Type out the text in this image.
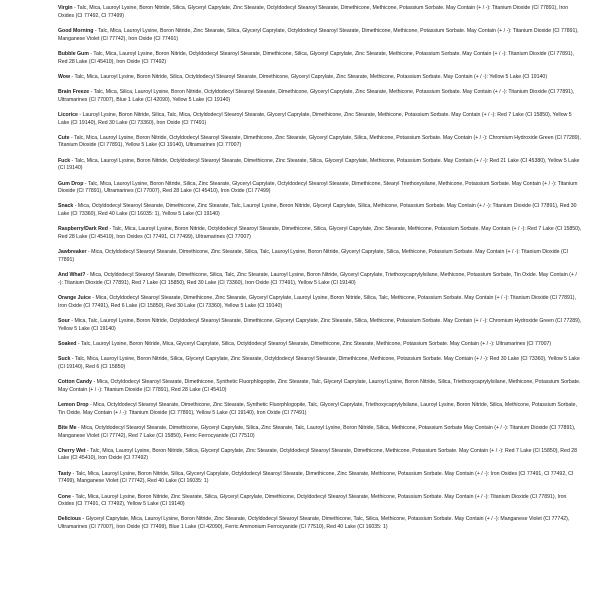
Virgin - Talc, Mica, Lauroyl Lysine, Boron Nitride, Silica, Glyceryl Caprylate, Zinc Stearate, Octyldodecyl Stearoyl Stearate, Dimethicone, Methicone, Potassium Sorbate. May Contain (+ / -): Titanium Dioxide (CI 77891), Iron Oxides (CI 77492, CI 77499)

Good Morning - Talc, Mica, Lauroyl Lysine, Boron Nitride, Zinc Stearate, Silica, Glyceryl Caprylate, Octyldodecyl Stearoyl Stearate, Dimethicone, Methicone, Potassium Sorbate. May Contain (+ / -): Titanium Dioxide (CI 77891), Manganese Violet (CI 77742), Iron Oxide (CI 77491)

Bubble Gum - Talc, Mica, Lauroyl Lysine, Boron Nitride, Octyldodecyl Stearoyl Stearate, Dimethicone, Silica, Glyceryl Caprylate, Zinc Stearate, Methicone, Potassium Sorbate. May Contain (+ / -): Titanium Dioxide (CI 77891), Red 28 Lake (CI 45410), Iron Oxide (CI 77492)

Wow - Talc, Mica, Lauroyl Lysine, Boron Nitride, Silica, Octyldodecyl Stearoyl Stearate, Dimethicone, Glyceryl Caprylate, Zinc Stearate, Methicone, Potassium Sorbate. May Contain (+ / -): Yellow 5 Lake (CI 19140)

Brain Freeze - Talc, Mica, Silica, Lauroyl Lysine, Boron Nitride, Octyldodecyl Stearoyl Stearate, Dimethicone, Glyceryl Caprylate, Zinc Stearate, Methicone, Potassium Sorbate. May Contain (+ / -): Titanium Dioxide (CI 77891), Ultramarines (CI 77007), Blue 1 Lake (CI 42090), Yellow 5 Lake (CI 19140)

Licorice - Lauroyl Lysine, Boron Nitride, Silica, Talc, Mica, Octyldodecyl Stearoyl Stearate, Glyceryl Caprylate, Dimethicone, Zinc Stearate, Methicone, Potassium Sorbate. May Contain (+ / -): Red 7 Lake (CI 15850), Yellow 5 Lake (CI 19140), Red 30 Lake (CI 73360), Iron Oxide (CI 77491)

Cute - Talc, Mica, Lauroyl Lysine, Boron Nitride, Octyldodecyl Stearoyl Stearate, Dimethicone, Zinc Stearate, Glyceryl Caprylate, Silica, Methicone, Potassium Sorbate. May Contain (+ / -): Chromium Hydroxide Green (CI 77289), Titanium Dioxide (CI 77891), Yellow 5 Lake (CI 19140), Ultramarines (CI 77007)

Fuck - Talc, Mica, Lauroyl Lysine, Boron Nitride, Octyldodecyl Stearoyl Stearate, Dimethicone, Zinc Stearate, Silica, Glyceryl Caprylate, Methicone, Potassium Sorbate. May Contain (+ / -): Red 21 Lake (CI 45380), Yellow 5 Lake (CI 19140)

Gum Drop - Talc, Mica, Lauroyl Lysine, Boron Nitride, Silica, Zinc Stearate, Glyceryl Caprylate, Octyldodecyl Stearoyl Stearate, Dimethicone, Stearyl Triethoxysilane, Methicone, Potassium Sorbate. May Contain (+ / -): Titanium Dioxide (CI 77891), Ultramarines (CI 77007), Red 28 Lake (CI 45410), Iron Oxide (CI 77499)

Snack - Mica, Octyldodecyl Stearoyl Stearate, Dimethicone, Zinc Stearate, Talc, Lauroyl Lysine, Boron Nitride, Glyceryl Caprylate, Silica, Methicone, Potassium Sorbate. May Contain (+ / -): Titanium Dioxide (CI 77891), Red 30 Lake (CI 73360), Red 40 Lake (CI 16035: 1), Yellow 5 Lake (CI 19140)

Raspberry/Dark Red - Talc, Mica, Lauroyl Lysine, Boron Nitride, Octyldodecyl Stearoyl Stearate, Dimethicone, Silica, Glyceryl Caprylate, Zinc Stearate, Methicone, Potassium Sorbate. May Contain (+ / -): Red 7 Lake (CI 15850), Red 28 Lake (CI 45410), Iron Oxides (CI 77491, CI 77499), Ultramarines (CI 77007)

Jawbreaker - Mica, Octyldodecyl Stearoyl Stearate, Dimethicone, Zinc Stearate, Silica, Talc, Lauroyl Lysine, Boron Nitride, Glyceryl Caprylate, Silica, Methicone, Potassium Sorbate. May Contain (+ / -): Titanium Dioxide (CI 77891)

And What? - Mica, Octyldodecyl Stearoyl Stearate, Dimethicone, Silica, Talc, Zinc Stearate, Lauroyl Lysine, Boron Nitride, Glyceryl Caprylate, Triethoxycaprylylsilane, Methicone, Potassium Sorbate, Tin Oxide. May Contain (+ / -): Titanium Dioxide (CI 77891), Red 7 Lake (CI 15850), Red 30 Lake (CI 73360), Iron Oxide (CI 77491), Yellow 5 Lake (CI 19140)

Orange Juice - Mica, Octyldodecyl Stearoyl Stearate, Dimethicone, Zinc Stearate, Glyceryl Caprylate, Lauroyl Lysine, Boron Nitride, Silica, Talc, Methicone, Potassium Sorbate. May Contain (+ / -): Titanium Dioxide (CI 77891), Iron Oxide (CI 77491), Red 6 Lake (CI 15850), Red 30 Lake (CI 73360), Yellow 5 Lake (CI 19140)

Sour - Mica, Talc, Lauroyl Lysine, Boron Nitride, Octyldodecyl Stearoyl Stearate, Dimethicone, Glyceryl Caprylate, Zinc Stearate, Silica, Methicone, Potassium Sorbate. May Contain (+ / -): Chromium Hydroxide Green (CI 77289), Yellow 5 Lake (CI 19140)

Soaked - Talc, Lauroyl Lysine, Boron Nitride, Mica, Glyceryl Caprylate, Silica, Octyldodecyl Stearoyl Stearate, Dimethicone, Zinc Stearate, Methicone, Potassium Sorbate. May Contain (+ / -): Ultramarines (CI 77007)

Suck - Talc, Mica, Lauroyl Lysine, Boron Nitride, Silica, Glyceryl Caprylate, Zinc Stearate, Octyldodecyl Stearoyl Stearate, Dimethicone, Methicone, Potassium Sorbate. May Contain (+ / -): Red 30 Lake (CI 73360), Yellow 5 Lake (CI 19140), Red 6 (CI 15850)

Cotton Candy - Mica, Octyldodecyl Stearoyl Stearate, Dimethicone, Synthetic Fluorphlogopite, Zinc Stearate, Talc, Glyceryl Caprylate, Lauroyl Lysine, Boron Nitride, Silica, Triethoxycaprylylsilane, Methicone, Potassium Sorbate. May Contain (+ / -): Titanium Dioxide (CI 77891), Red 28 Lake (CI 45410)

Lemon Drop - Mica, Octyldodecyl Stearoyl Stearate, Dimethicone, Zinc Stearate, Synthetic Fluorphlogopite, Talc, Glyceryl Caprylate, Triethoxycaprylylsilane, Lauroyl Lysine, Boron Nitride, Silica, Methicone, Potassium Sorbate, Tin Oxide. May Contain (+ / -): Titanium Dioxide (CI 77891), Yellow 5 Lake (CI 19140), Iron Oxide (CI 77491)

Bite Me - Mica, Octyldodecyl Stearoyl Stearate, Dimethicone, Glyceryl Caprylate, Silica, Zinc Stearate, Talc, Lauroyl Lysine, Boron Nitride, Silica, Methicone, Potassium Sorbate May Contain (+ / -): Titanium Dioxide (CI 77891), Manganese Violet (CI 77742), Red 7 Lake (CI 15850), Ferric Ferrocyanide (CI 77510)

Cherry Wet - Talc, Mica, Lauroyl Lysine, Boron Nitride, Silica, Glyceryl Caprylate, Zinc Stearate, Octyldodecyl Stearoyl Stearate, Dimethicone, Methicone, Potassium Sorbate. May Contain (+ / -): Red 7 Lake (CI 15850), Red 28 Lake (CI 45410), Iron Oxide (CI 77492)

Tasty - Talc, Mica, Lauroyl Lysine, Boron Nitride, Silica, Glyceryl Caprylate, Octyldodecyl Stearoyl Stearate, Dimethicone, Zinc Stearate, Methicone, Potassium Sorbate. May Contain (+ / -): Iron Oxides (CI 77491, CI 77492, CI 77499), Manganese Violet (CI 77742), Red 40 Lake (CI 16035: 1)

Cone - Talc, Mica, Lauroyl Lysine, Boron Nitride, Zinc Stearate, Silica, Glyceryl Caprylate, Dimethicone, Octyldodecyl Stearoyl Stearate, Methicone, Potassium Sorbate. May Contain (+ / -): Titanium Dioxide (CI 77891), Iron Oxides (CI 77491, CI 77492), Yellow 5 Lake (CI 19140)

Delicious - Glyceryl Caprylate, Mica, Lauroyl Lysine, Boron Nitride, Zinc Stearate, Octyldodecyl Stearoyl Stearate, Dimethicone, Talc, Silica, Methicone, Potassium Sorbate. May Contain (+ / -): Manganese Violet (CI 77742), Ultramarines (CI 77007), Iron Oxide (CI 77499), Blue 1 Lake (CI 42090), Ferric Ammonium Ferrocyanide (CI 77510), Red 40 Lake (CI 16035: 1)
